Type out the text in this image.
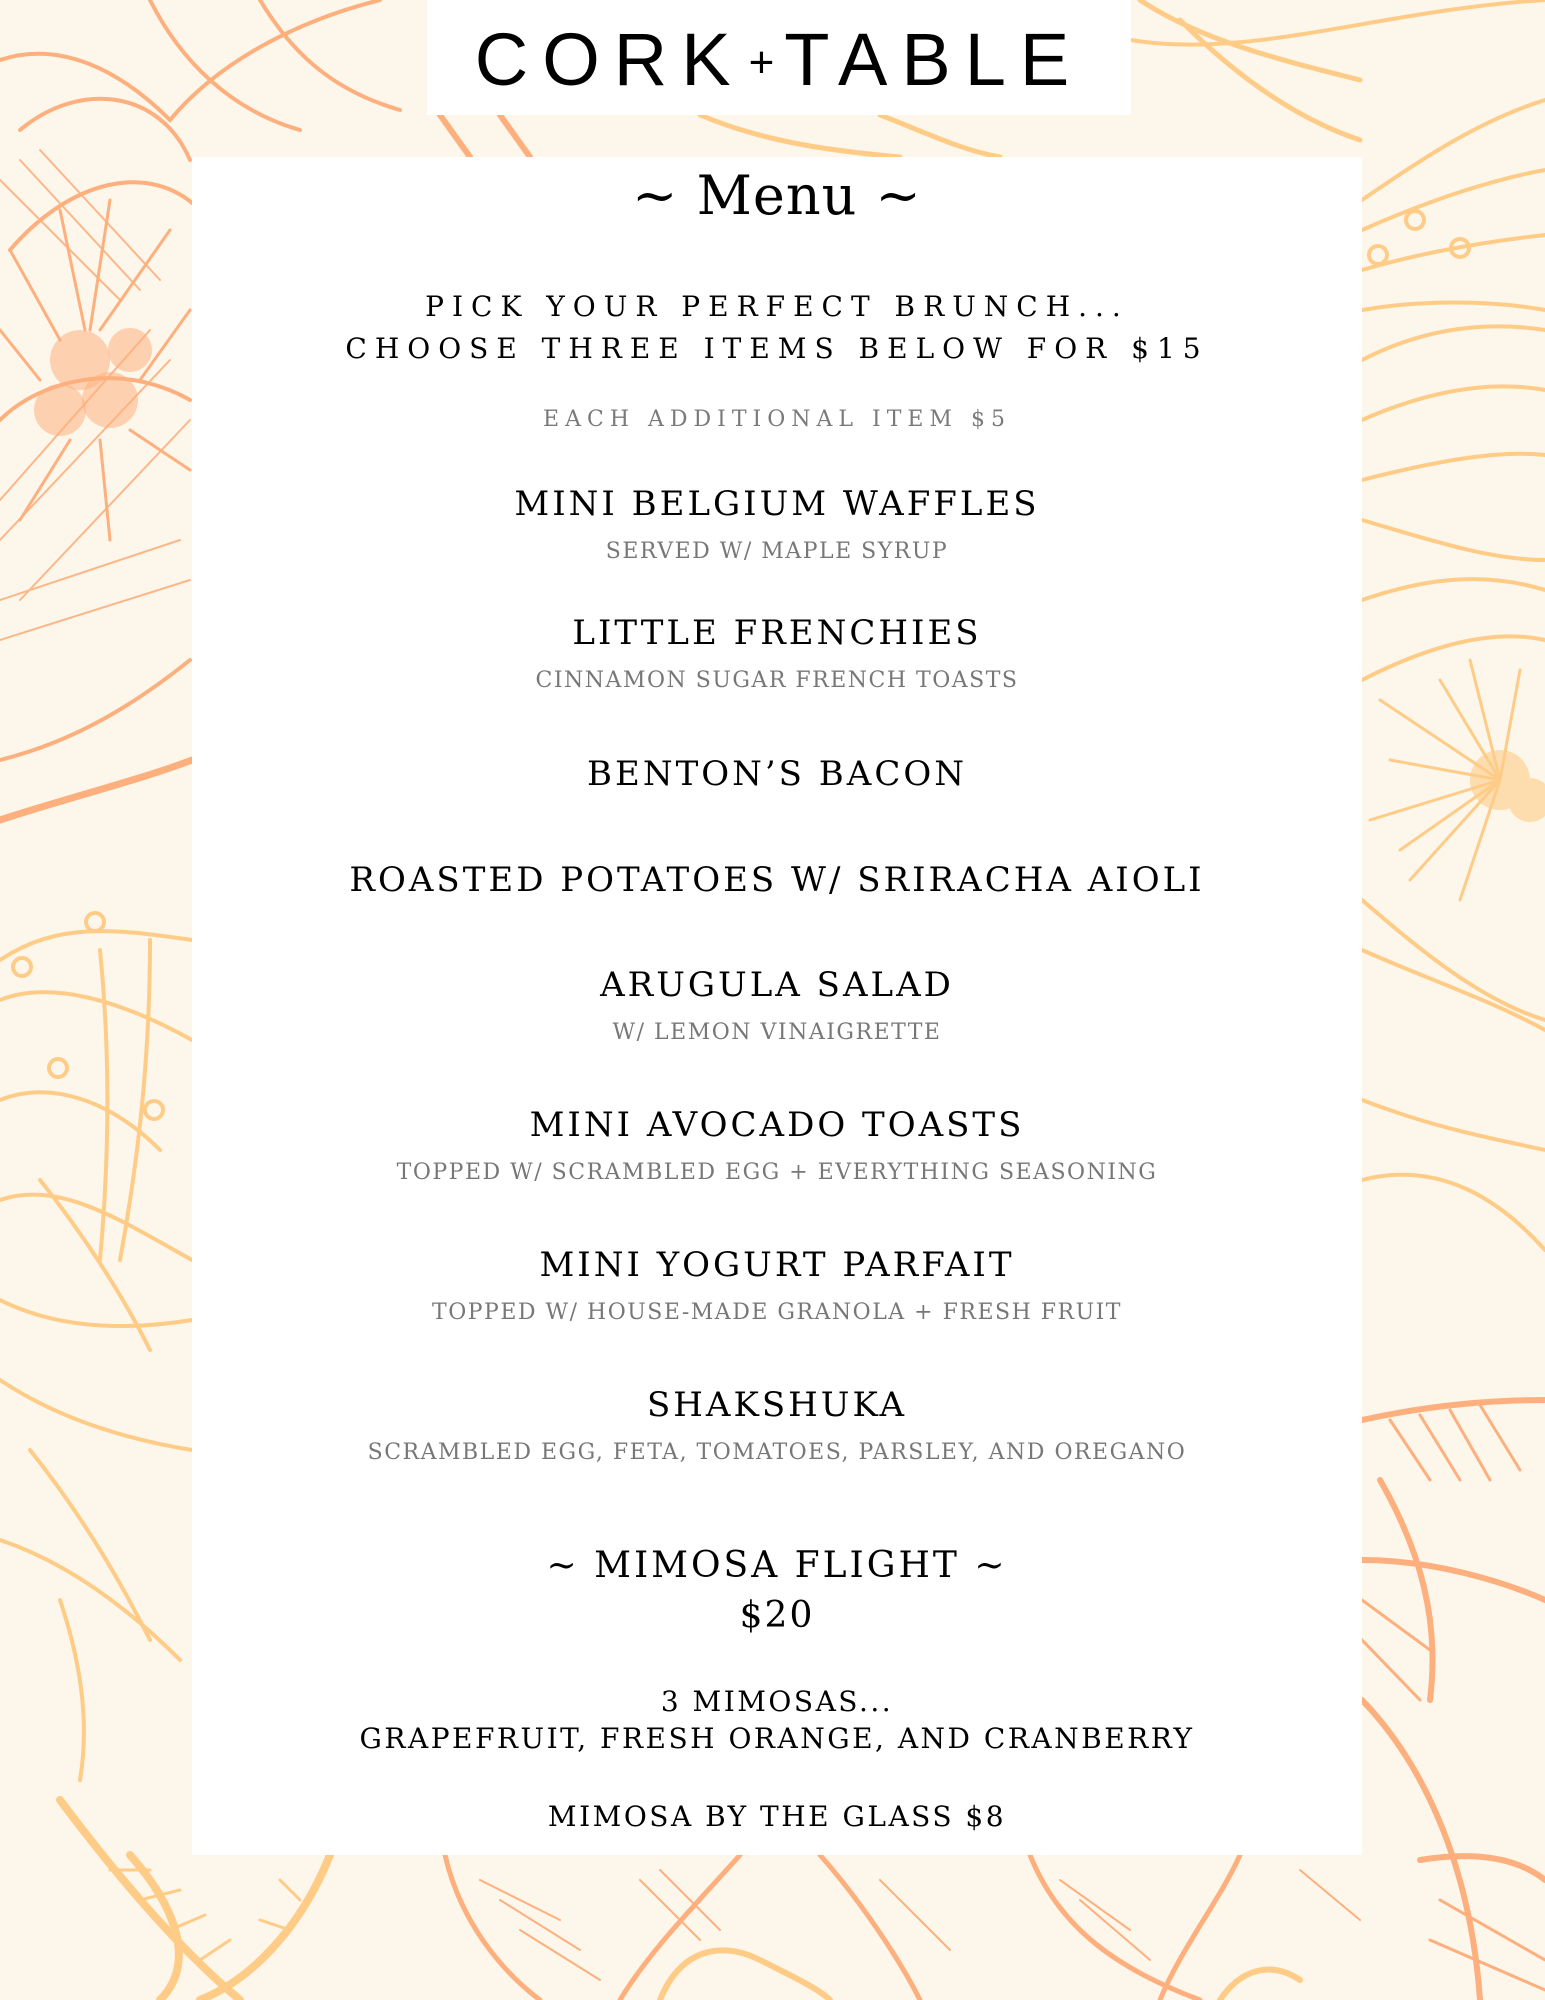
CORK+TABLE
~ Menu ~
PICK YOUR PERFECT BRUNCH...
CHOOSE THREE ITEMS BELOW FOR $15
EACH ADDITIONAL ITEM $5
MINI BELGIUM WAFFLES
SERVED W/ MAPLE SYRUP
LITTLE FRENCHIES
CINNAMON SUGAR FRENCH TOASTS
BENTON’S BACON
ROASTED POTATOES W/ SRIRACHA AIOLI
ARUGULA SALAD
W/ LEMON VINAIGRETTE
MINI AVOCADO TOASTS
TOPPED W/ SCRAMBLED EGG + EVERYTHING SEASONING
MINI YOGURT PARFAIT
TOPPED W/ HOUSE-MADE GRANOLA + FRESH FRUIT
SHAKSHUKA
SCRAMBLED EGG, FETA, TOMATOES, PARSLEY, AND OREGANO
~ MIMOSA FLIGHT ~
$20
3 MIMOSAS...
GRAPEFRUIT, FRESH ORANGE, AND CRANBERRY
MIMOSA BY THE GLASS $8
